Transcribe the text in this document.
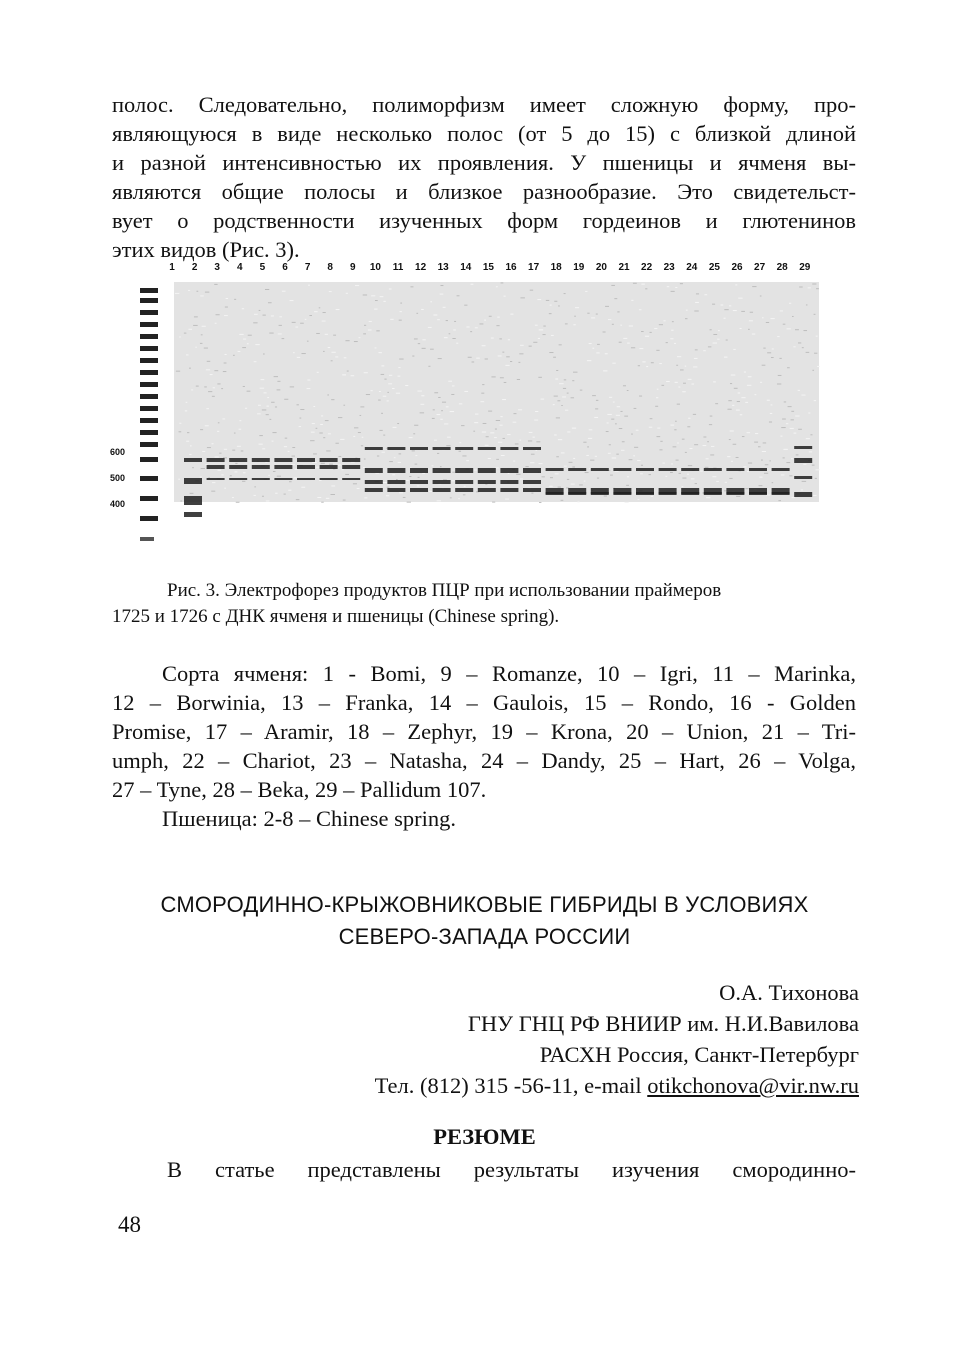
полос. Следовательно, полиморфизм имеет сложную форму, про-
являющуюся в виде несколько полос (от 5 до 15) с близкой длиной
и разной интенсивностью их проявления. У пшеницы и ячменя вы-
являются общие полосы и близкое разнообразие. Это свидетельст-
вует о родственности изученных форм гордеинов и глютенинов
этих видов (Рис. 3).
1 2 3 4 5 6 7 8 9 10 11 12 13 14 15 16 17 18 19 20 21 22 23 24 25 26 27 28 29
600
500
400
Рис. 3. Электрофорез продуктов ПЦР при использовании праймеров
1725 и 1726 с ДНК ячменя и пшеницы (Chinese spring).
Сорта ячменя: 1 - Bomi, 9 – Romanze, 10 – Igri, 11 – Marinka,
12 – Borwinia, 13 – Franka, 14 – Gaulois, 15 – Rondo, 16 - Golden
Promise, 17 – Aramir, 18 – Zephyr, 19 – Krona, 20 – Union, 21 – Tri-
umph, 22 – Chariot, 23 – Natasha, 24 – Dandy, 25 – Hart, 26 – Volga,
27 – Tyne, 28 – Beka, 29 – Pallidum 107.
Пшеница: 2-8 – Chinese spring.
СМОРОДИННО-КРЫЖОВНИКОВЫЕ ГИБРИДЫ В УСЛОВИЯХ
СЕВЕРО-ЗАПАДА РОССИИ
О.А. Тихонова
ГНУ ГНЦ РФ ВНИИР им. Н.И.Вавилова
РАСХН Россия, Санкт-Петербург
Тел. (812) 315 -56-11, e-mail otikchonova@vir.nw.ru
РЕЗЮМЕ
В статье представлены результаты изучения смородинно-
48
